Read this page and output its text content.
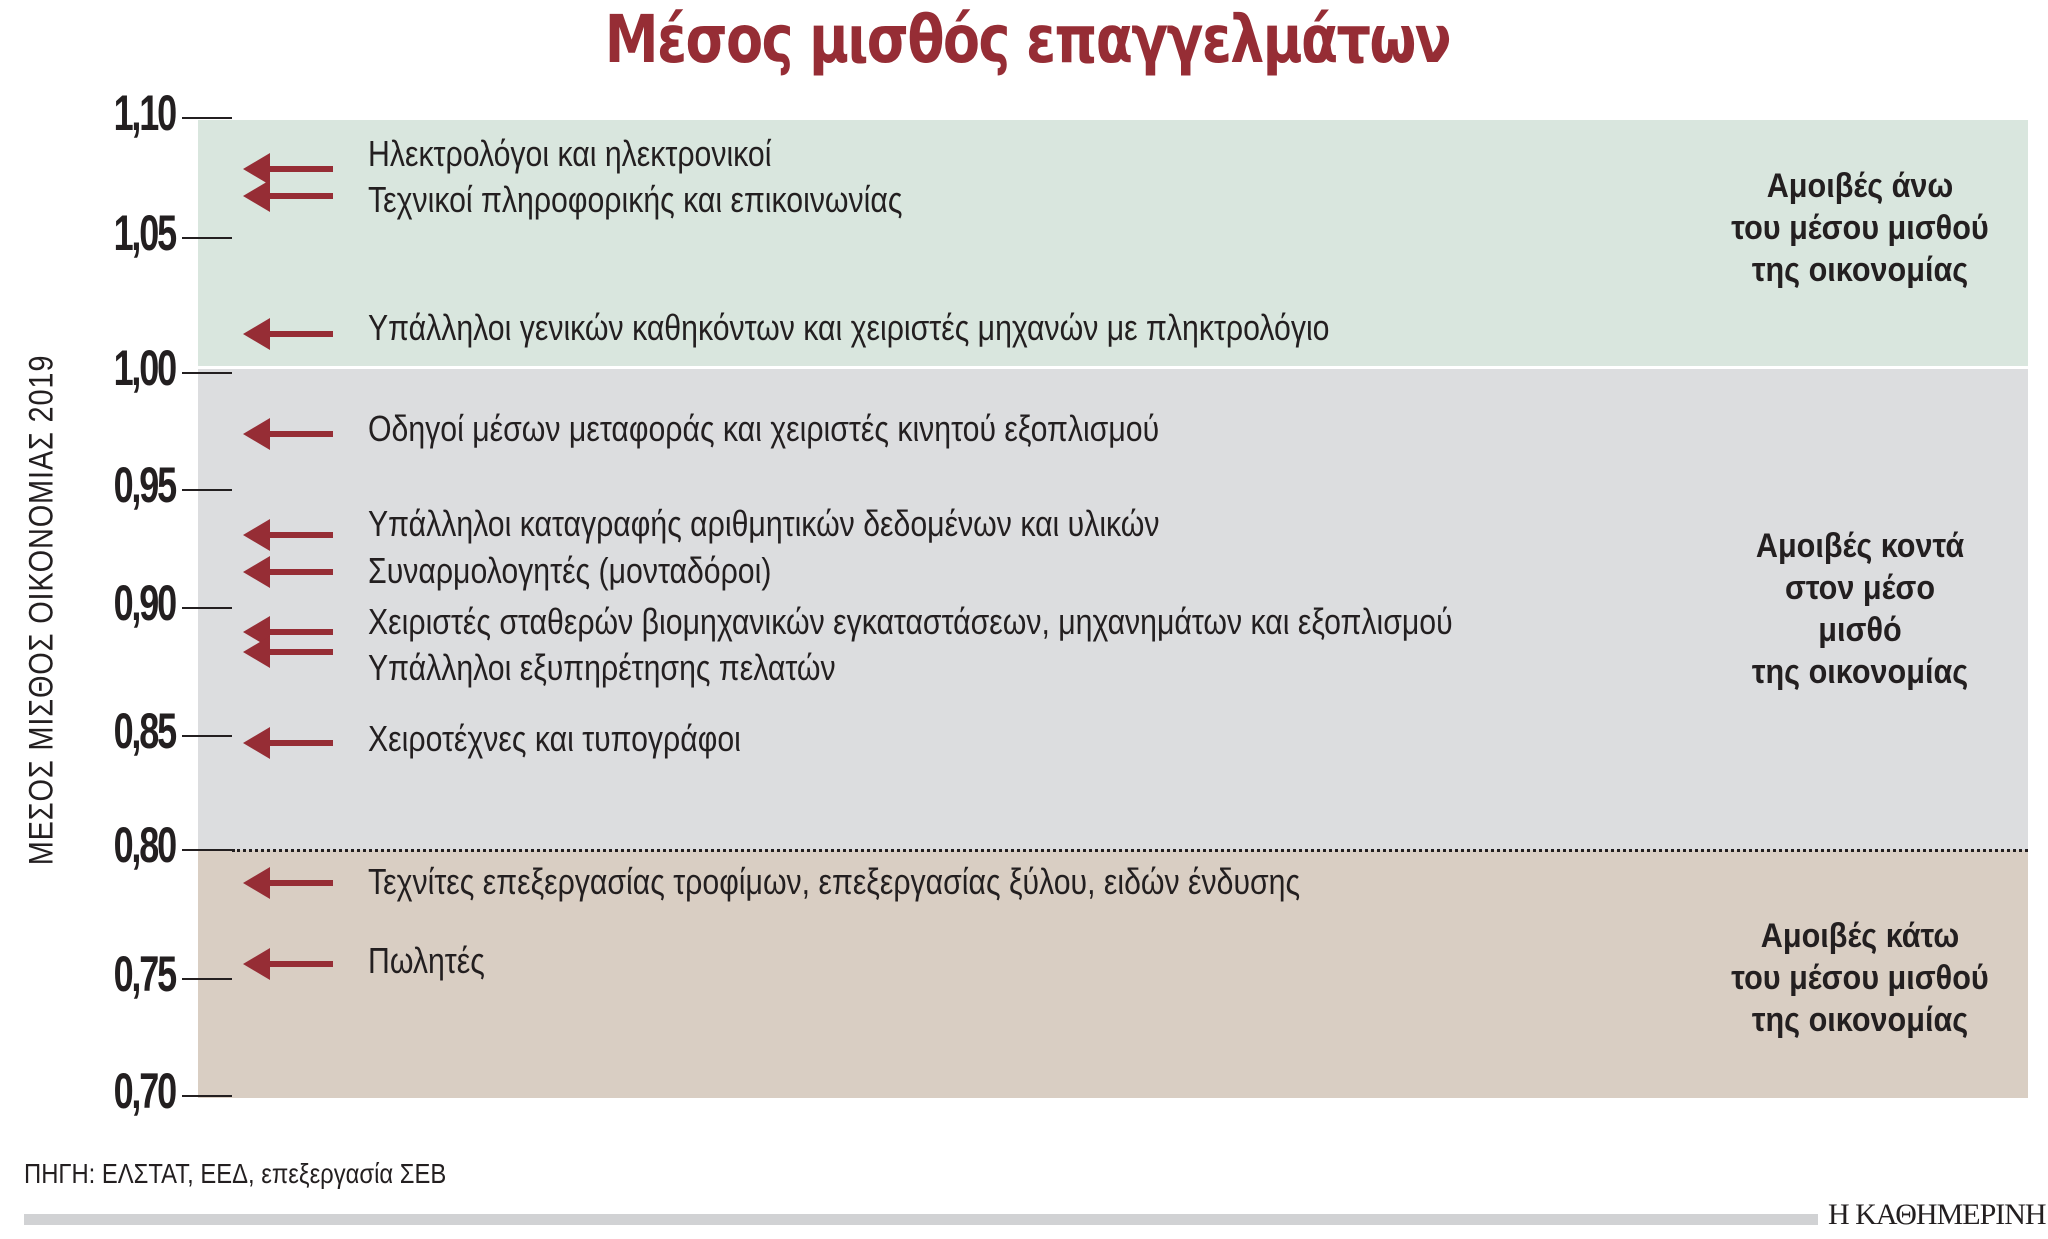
Μέσος μισθός επαγγελμάτων
ΜΕΣΟΣ ΜΙΣΘΟΣ ΟΙΚΟΝΟΜΙΑΣ 2019
1,10
1,05
1,00
0,95
0,90
0,85
0,80
0,75
0,70
Ηλεκτρολόγοι και ηλεκτρονικοί
Τεχνικοί πληροφορικής και επικοινωνίας
Υπάλληλοι γενικών καθηκόντων και χειριστές μηχανών με πληκτρολόγιο
Οδηγοί μέσων μεταφοράς και χειριστές κινητού εξοπλισμού
Υπάλληλοι καταγραφής αριθμητικών δεδομένων και υλικών
Συναρμολογητές (μονταδόροι)
Χειριστές σταθερών βιομηχανικών εγκαταστάσεων, μηχανημάτων και εξοπλισμού
Υπάλληλοι εξυπηρέτησης πελατών
Χειροτέχνες και τυπογράφοι
Τεχνίτες επεξεργασίας τροφίμων, επεξεργασίας ξύλου, ειδών ένδυσης
Πωλητές
Αμοιβές άνω
του μέσου μισθού
της οικονομίας
Αμοιβές κοντά
στον μέσο
μισθό
της οικονομίας
Αμοιβές κάτω
του μέσου μισθού
της οικονομίας
ΠΗΓΗ: ΕΛΣΤΑΤ, ΕΕΔ, επεξεργασία ΣΕΒ
Η ΚΑΘΗΜΕΡΙΝΗ
